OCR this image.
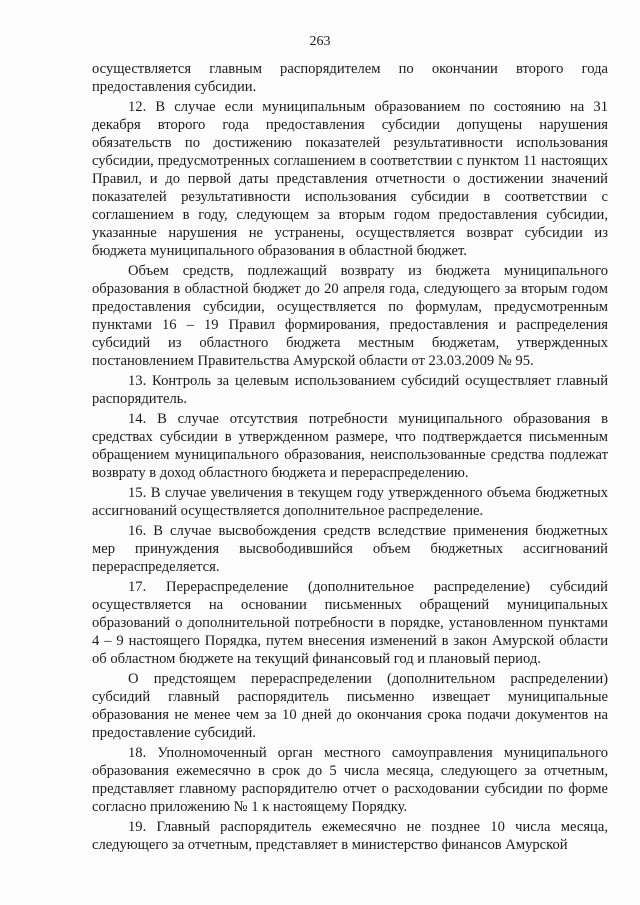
263

осуществляется главным распорядителем по окончании второго года предоставления субсидии.

12. В случае если муниципальным образованием по состоянию на 31 декабря второго года предоставления субсидии допущены нарушения обязательств по достижению показателей результативности использования субсидии, предусмотренных соглашением в соответствии с пунктом 11 настоящих Правил, и до первой даты представления отчетности о достижении значений показателей результативности использования субсидии в соответствии с соглашением в году, следующем за вторым годом предоставления субсидии, указанные нарушения не устранены, осуществляется возврат субсидии из бюджета муниципального образования в областной бюджет.

Объем средств, подлежащий возврату из бюджета муниципального образования в областной бюджет до 20 апреля года, следующего за вторым годом предоставления субсидии, осуществляется по формулам, предусмотренным пунктами 16 – 19 Правил формирования, предоставления и распределения субсидий из областного бюджета местным бюджетам, утвержденных постановлением Правительства Амурской области от 23.03.2009 № 95.

13. Контроль за целевым использованием субсидий осуществляет главный распорядитель.

14. В случае отсутствия потребности муниципального образования в средствах субсидии в утвержденном размере, что подтверждается письменным обращением муниципального образования, неиспользованные средства подлежат возврату в доход областного бюджета и перераспределению.

15. В случае увеличения в текущем году утвержденного объема бюджетных ассигнований осуществляется дополнительное распределение.

16. В случае высвобождения средств вследствие применения бюджетных мер принуждения высвободившийся объем бюджетных ассигнований перераспределяется.

17. Перераспределение (дополнительное распределение) субсидий осуществляется на основании письменных обращений муниципальных образований о дополнительной потребности в порядке, установленном пунктами 4 – 9 настоящего Порядка, путем внесения изменений в закон Амурской области об областном бюджете на текущий финансовый год и плановый период.

О предстоящем перераспределении (дополнительном распределении) субсидий главный распорядитель письменно извещает муниципальные образования не менее чем за 10 дней до окончания срока подачи документов на предоставление субсидий.

18. Уполномоченный орган местного самоуправления муниципального образования ежемесячно в срок до 5 числа месяца, следующего за отчетным, представляет главному распорядителю отчет о расходовании субсидии по форме согласно приложению № 1 к настоящему Порядку.

19. Главный распорядитель ежемесячно не позднее 10 числа месяца, следующего за отчетным, представляет в министерство финансов Амурской
